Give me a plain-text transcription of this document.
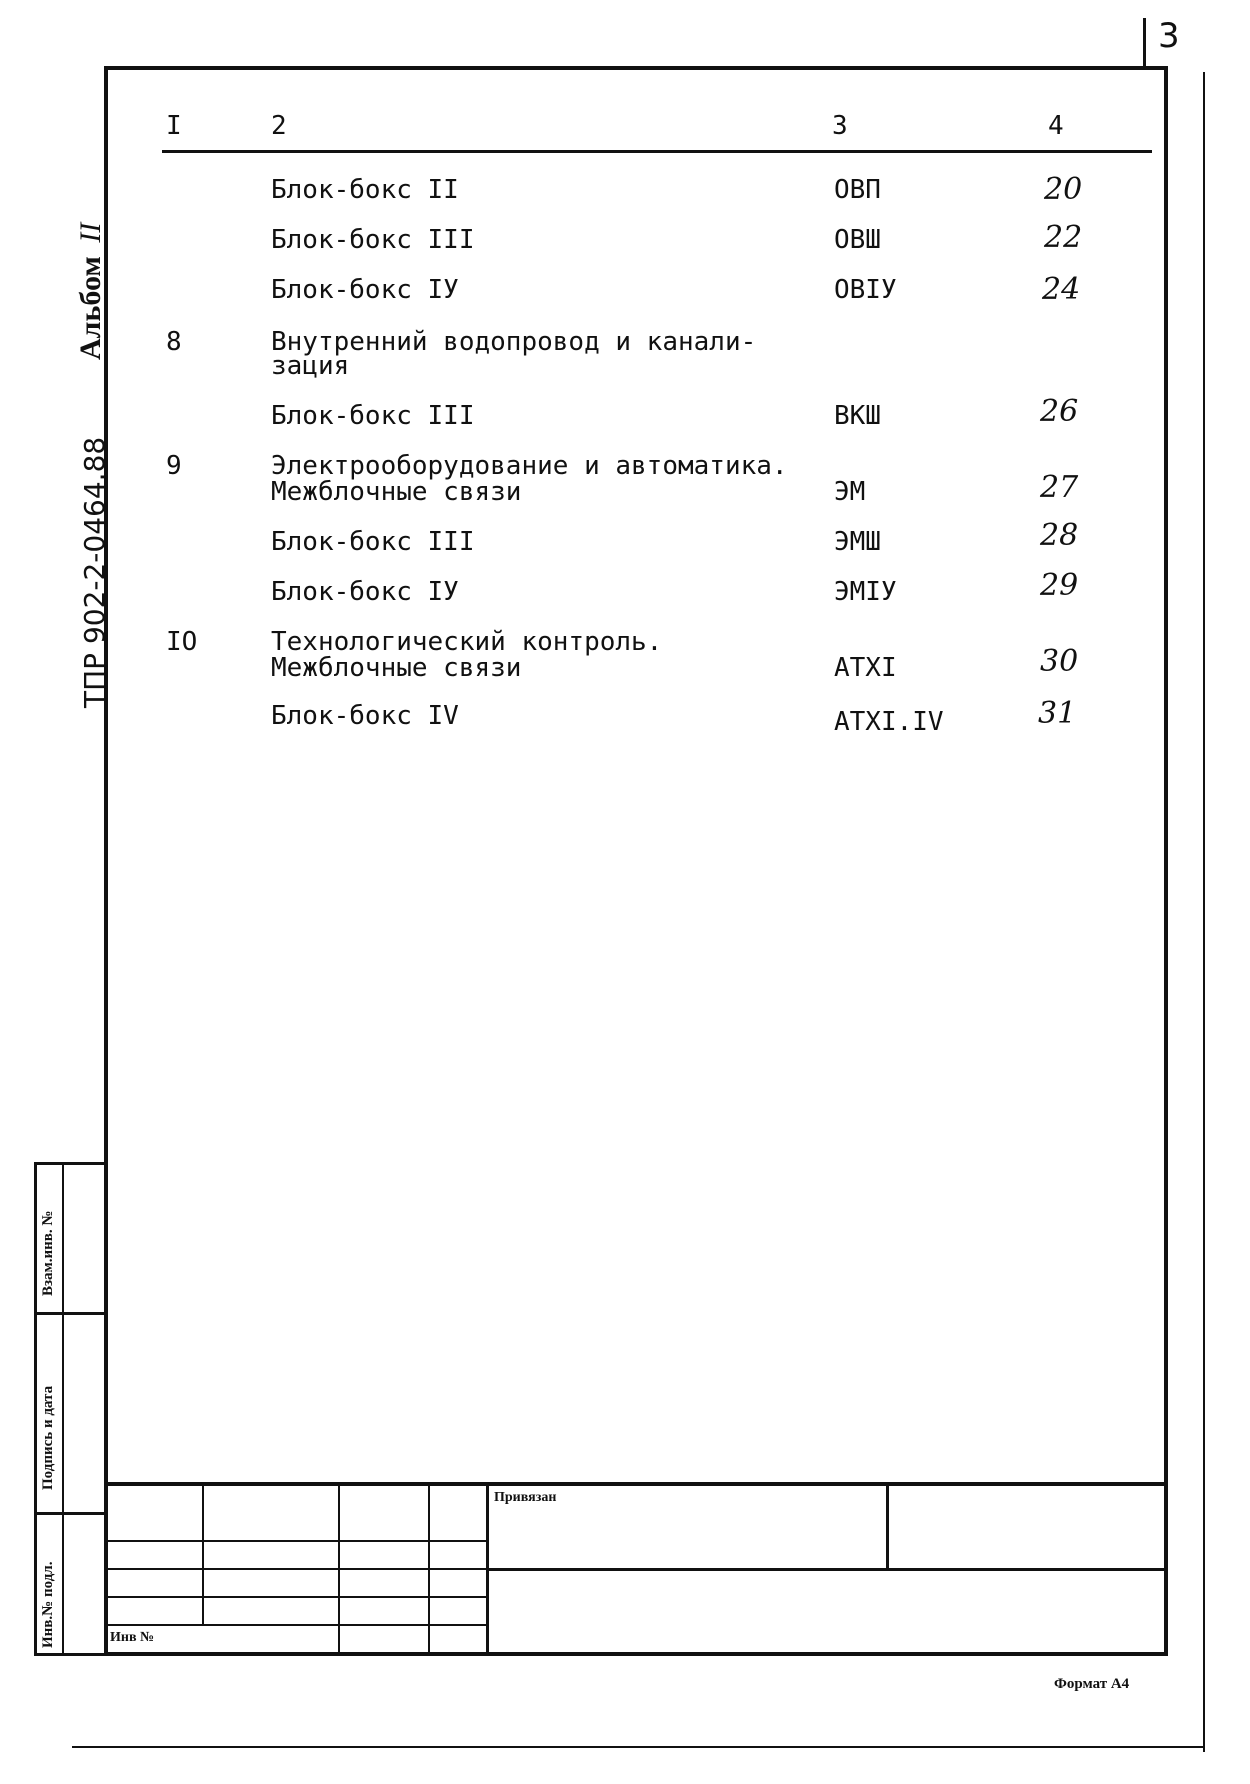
3
ТПР 902-2-0464.88
Альбом II
I	2	3	4
Блок-бокс II	ОВП	20
Блок-бокс III	ОВШ	22
Блок-бокс IУ	ОВIУ	24
8	Внутренний водопровод и канали-
зация
Блок-бокс III	ВКШ	26
9	Электрооборудование и автоматика.
Межблочные связи	ЭМ	27
Блок-бокс III	ЭМШ	28
Блок-бокс IУ	ЭМIУ	29
IO	Технологический контроль.
Межблочные связи	АТХI	30
Блок-бокс IV	АТХI.IV	31
Взам.инв. №
Подпись и дата
Инв.№ подл.
Привязан
Инв №
Формат А4
